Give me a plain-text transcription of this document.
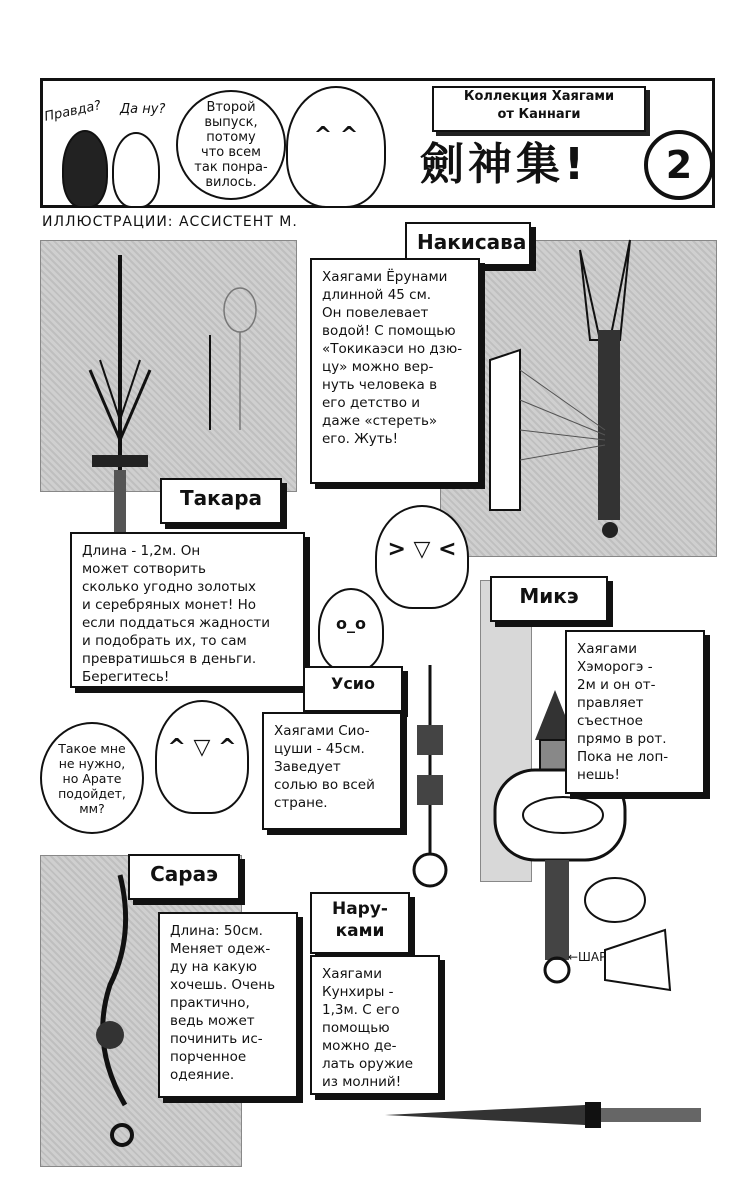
Правда? Да ну?	Второй
выпуск, потому
что всем
так понра-
вилось.
^ ^
Коллекция Хаягами
от Каннаги
劍神集!	2
ИЛЛЮСТРАЦИИ: АССИСТЕНТ М.
> ▽ <
o_o
^ ▽ ^
Накисава
Хаягами Ёрунами
длинной 45 см.
Он повелевает
водой! С помощью
«Токикаэси но дзю-
цу» можно вер-
нуть человека в
его детство и
даже «стереть»
его. Жуть!
Такара
Длина - 1,2м. Он
может сотворить
сколько угодно золотых
и серебряных монет! Но
если поддаться жадности
и подобрать их, то сам
превратишься в деньги.
Берегитесь!
Микэ
Хаягами
Хэморогэ -
2м и он от-
правляет
съестное
прямо в рот.
Пока не лоп-
нешь!
Усио
Хаягами Сио-
цуши - 45см.
Заведует
солью во всей
стране.
Сараэ
Длина: 50см.
Меняет одеж-
ду на какую
хочешь. Очень
практично,
ведь может
починить ис-
порченное
одеяние.
Нару-
ками
Хаягами
Кунхиры -
1,3м. С его
помощью
можно де-
лать оружие
из молний!
Такое мне
не нужно,
но Арате
подойдет,
мм?
←ШАР
